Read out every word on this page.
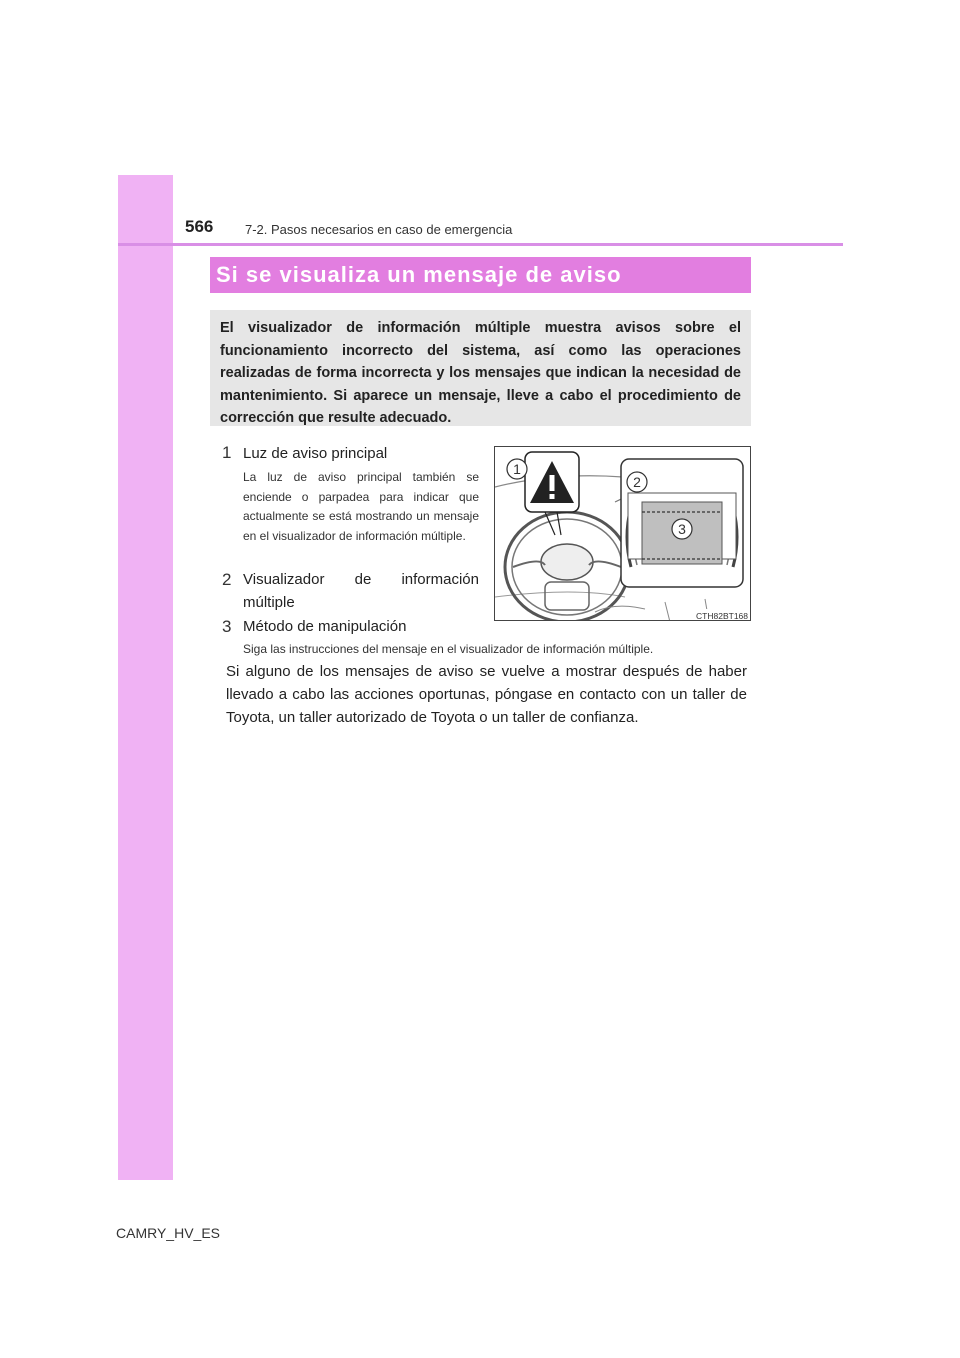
566 7-2. Pasos necesarios en caso de emergencia
Si se visualiza un mensaje de aviso

El visualizador de información múltiple muestra avisos sobre el funcionamiento incorrecto del sistema, así como las operaciones realizadas de forma incorrecta y los mensajes que indican la necesidad de mantenimiento. Si aparece un mensaje, lleve a cabo el procedimiento de corrección que resulte adecuado.

1 Luz de aviso principal
La luz de aviso principal también se enciende o parpadea para indicar que actualmente se está mostrando un mensaje en el visualizador de información múltiple.
2 Visualizador de información múltiple
3 Método de manipulación
Siga las instrucciones del mensaje en el visualizador de información múltiple.
1
2
3
CTH82BT168

Si alguno de los mensajes de aviso se vuelve a mostrar después de haber llevado a cabo las acciones oportunas, póngase en contacto con un taller de Toyota, un taller autorizado de Toyota o un taller de confianza.

CAMRY_HV_ES
